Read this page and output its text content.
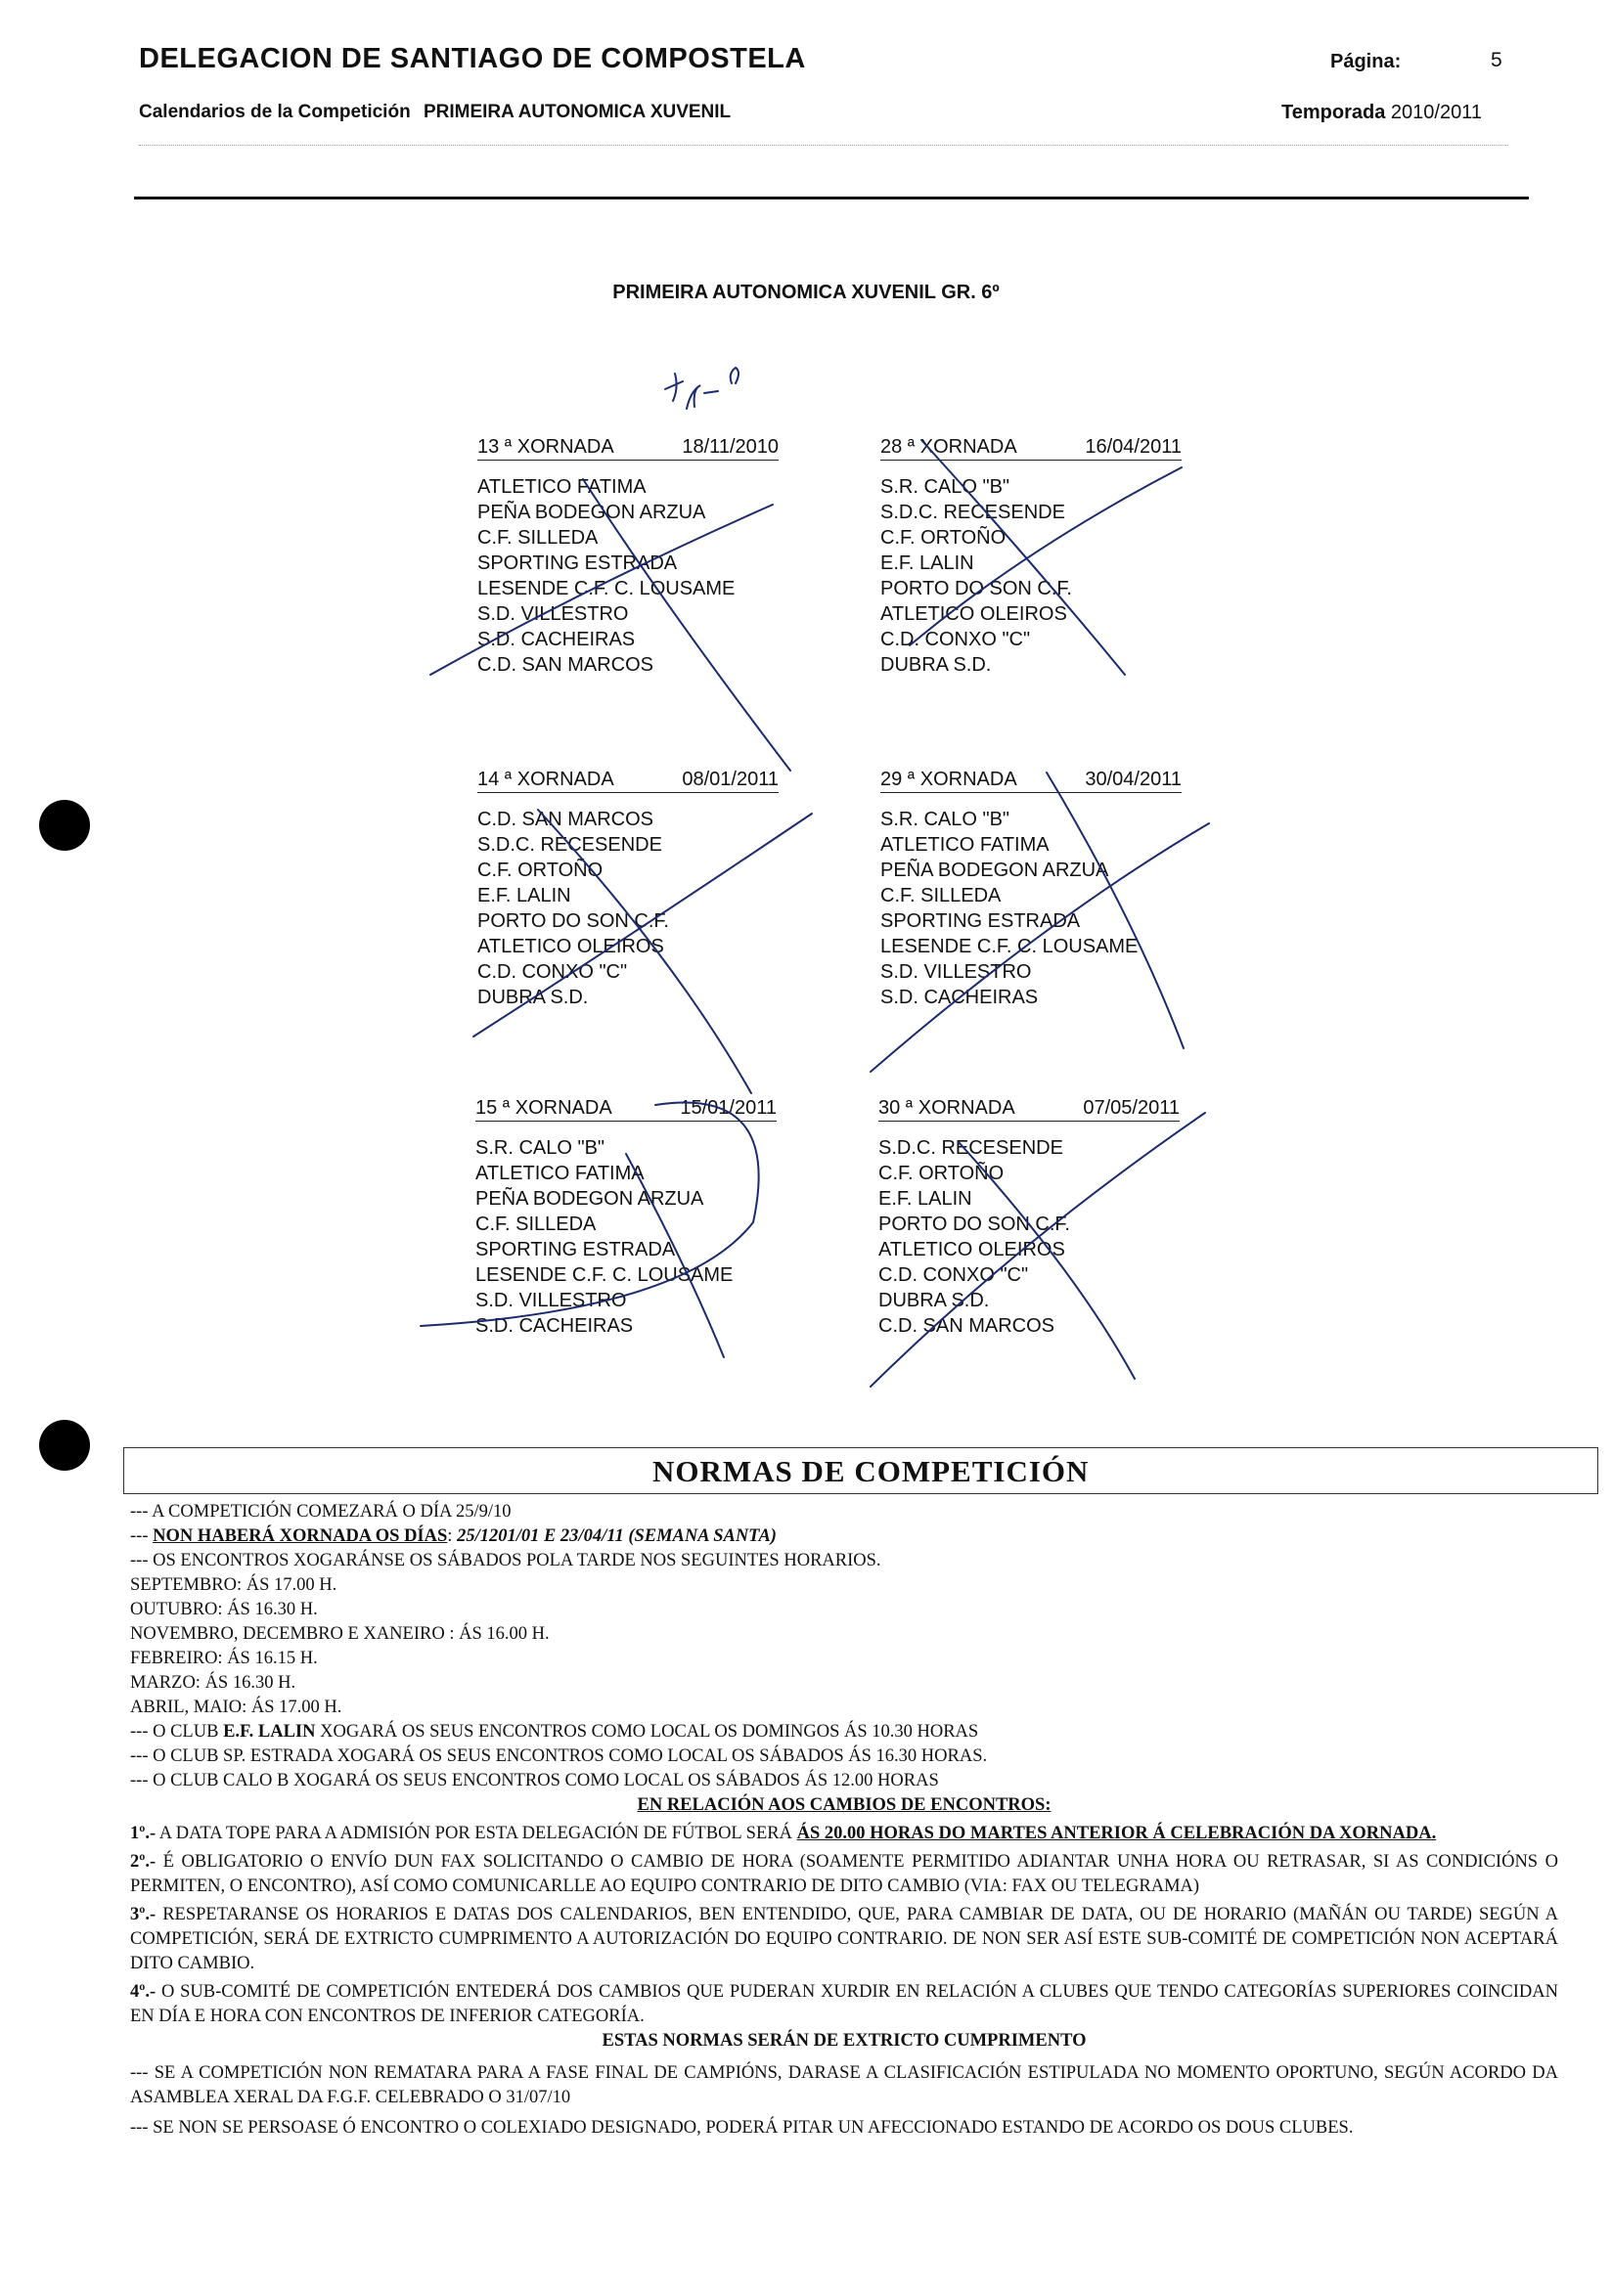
DELEGACION DE SANTIAGO DE COMPOSTELA
Calendarios de la Competición PRIMEIRA AUTONOMICA XUVENIL
Página:	5
Temporada 2010/2011
PRIMEIRA AUTONOMICA XUVENIL GR. 6º
13 ª XORNADA	18/11/2010
ATLETICO FATIMA
PEÑA BODEGON ARZUA
C.F. SILLEDA
SPORTING ESTRADA
LESENDE C.F. C. LOUSAME
S.D. VILLESTRO
S.D. CACHEIRAS
C.D. SAN MARCOS
28 ª XORNADA	16/04/2011
S.R. CALO "B"
S.D.C. RECESENDE
C.F. ORTOÑO
E.F. LALIN
PORTO DO SON C.F.
ATLETICO OLEIROS
C.D. CONXO "C"
DUBRA S.D.
14 ª XORNADA	08/01/2011
C.D. SAN MARCOS
S.D.C. RECESENDE
C.F. ORTOÑO
E.F. LALIN
PORTO DO SON C.F.
ATLETICO OLEIROS
C.D. CONXO "C"
DUBRA S.D.
29 ª XORNADA	30/04/2011
S.R. CALO "B"
ATLETICO FATIMA
PEÑA BODEGON ARZUA
C.F. SILLEDA
SPORTING ESTRADA
LESENDE C.F. C. LOUSAME
S.D. VILLESTRO
S.D. CACHEIRAS
15 ª XORNADA	15/01/2011
S.R. CALO "B"
ATLETICO FATIMA
PEÑA BODEGON ARZUA
C.F. SILLEDA
SPORTING ESTRADA
LESENDE C.F. C. LOUSAME
S.D. VILLESTRO
S.D. CACHEIRAS
30 ª XORNADA	07/05/2011
S.D.C. RECESENDE
C.F. ORTOÑO
E.F. LALIN
PORTO DO SON C.F.
ATLETICO OLEIROS
C.D. CONXO "C"
DUBRA S.D.
C.D. SAN MARCOS
NORMAS DE COMPETICIÓN
--- A COMPETICIÓN COMEZARÁ O DÍA 25/9/10
--- NON HABERÁ XORNADA OS DÍAS: 25/1201/01 E 23/04/11 (SEMANA SANTA)
--- OS ENCONTROS XOGARÁNSE OS SÁBADOS POLA TARDE NOS SEGUINTES HORARIOS.
SEPTEMBRO: ÁS 17.00 H.
OUTUBRO: ÁS 16.30 H.
NOVEMBRO, DECEMBRO E XANEIRO : ÁS 16.00 H.
FEBREIRO: ÁS 16.15 H.
MARZO: ÁS 16.30 H.
ABRIL, MAIO: ÁS 17.00 H.
--- O CLUB E.F. LALIN XOGARÁ OS SEUS ENCONTROS COMO LOCAL OS DOMINGOS ÁS 10.30 HORAS
--- O CLUB SP. ESTRADA XOGARÁ OS SEUS ENCONTROS COMO LOCAL OS SÁBADOS ÁS 16.30 HORAS.
--- O CLUB CALO B XOGARÁ OS SEUS ENCONTROS COMO LOCAL OS SÁBADOS ÁS 12.00 HORAS
EN RELACIÓN AOS CAMBIOS DE ENCONTROS:
1º.- A DATA TOPE PARA A ADMISIÓN POR ESTA DELEGACIÓN DE FÚTBOL SERÁ ÁS 20.00 HORAS DO MARTES ANTERIOR Á CELEBRACIÓN DA XORNADA.
2º.- É OBLIGATORIO O ENVÍO DUN FAX SOLICITANDO O CAMBIO DE HORA (SOAMENTE PERMITIDO ADIANTAR UNHA HORA OU RETRASAR, SI AS CONDICIÓNS O PERMITEN, O ENCONTRO), ASÍ COMO COMUNICARLLE AO EQUIPO CONTRARIO DE DITO CAMBIO (VIA: FAX OU TELEGRAMA)
3º.- RESPETARANSE OS HORARIOS E DATAS DOS CALENDARIOS, BEN ENTENDIDO, QUE, PARA CAMBIAR DE DATA, OU DE HORARIO (MAÑÁN OU TARDE) SEGÚN A COMPETICIÓN, SERÁ DE EXTRICTO CUMPRIMENTO A AUTORIZACIÓN DO EQUIPO CONTRARIO. DE NON SER ASÍ ESTE SUB-COMITÉ DE COMPETICIÓN NON ACEPTARÁ DITO CAMBIO.
4º.- O SUB-COMITÉ DE COMPETICIÓN ENTEDERÁ DOS CAMBIOS QUE PUDERAN XURDIR EN RELACIÓN A CLUBES QUE TENDO CATEGORÍAS SUPERIORES COINCIDAN EN DÍA E HORA CON ENCONTROS DE INFERIOR CATEGORÍA.
ESTAS NORMAS SERÁN DE EXTRICTO CUMPRIMENTO
--- SE A COMPETICIÓN NON REMATARA PARA A FASE FINAL DE CAMPIÓNS, DARASE A CLASIFICACIÓN ESTIPULADA NO MOMENTO OPORTUNO, SEGÚN ACORDO DA ASAMBLEA XERAL DA F.G.F. CELEBRADO O 31/07/10
--- SE NON SE PERSOASE Ó ENCONTRO O COLEXIADO DESIGNADO, PODERÁ PITAR UN AFECCIONADO ESTANDO DE ACORDO OS DOUS CLUBES.
